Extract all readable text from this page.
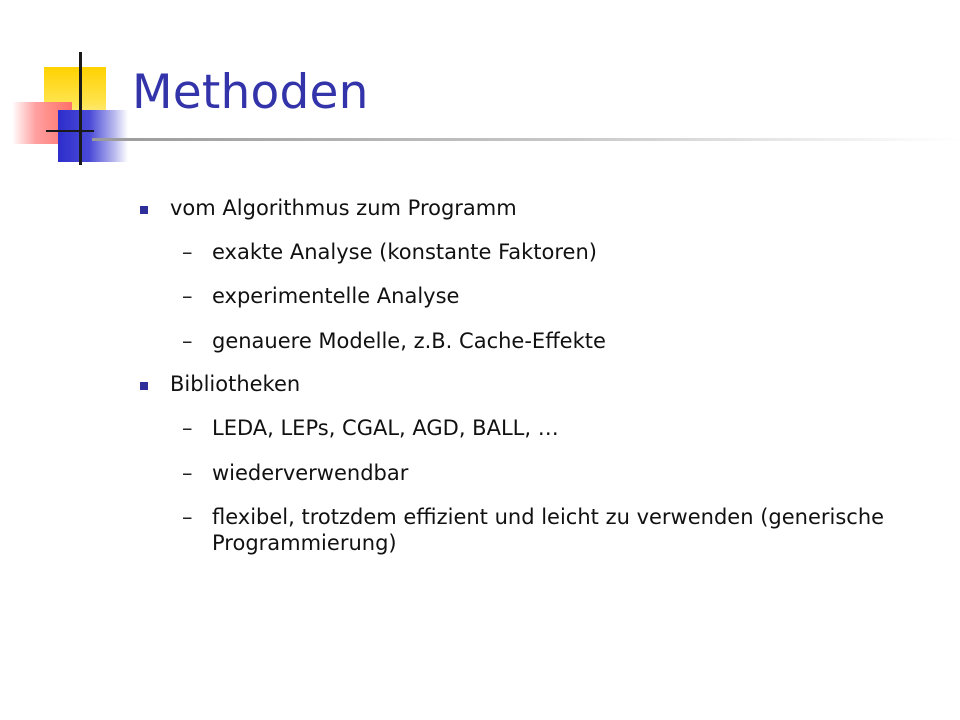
Methoden
vom Algorithmus zum Programm
– exakte Analyse (konstante Faktoren)
– experimentelle Analyse
– genauere Modelle, z.B. Cache-Effekte
Bibliotheken
– LEDA, LEPs, CGAL, AGD, BALL, …
– wiederverwendbar
– flexibel, trotzdem effizient und leicht zu verwenden (generische Programmierung)
